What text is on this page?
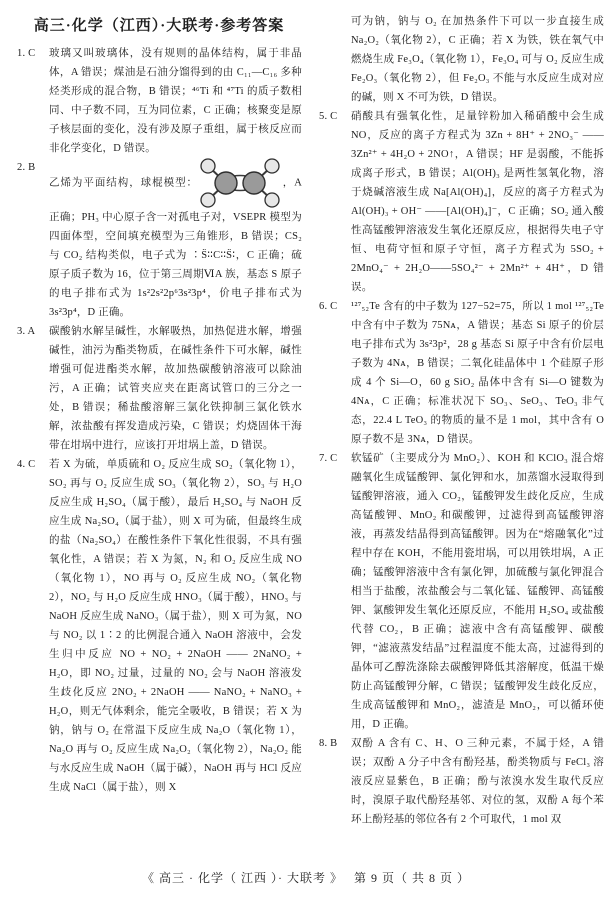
高三·化学（江西）·大联考·参考答案
1. C 玻璃又叫玻璃体，没有规则的晶体结构，属于非晶体，A 错误；煤油是石油分馏得到的由 C₁₁—C₁₆ 多种烃类形成的混合物，B 错误；⁴⁶Ti 和 ⁴⁷Ti 的质子数相同、中子数不同，互为同位素，C 正确；核聚变是原子核层面的变化，没有涉及原子重组，属于核反应而非化学变化，D 错误。
2. B
乙烯为平面结构，球棍模型：	，A 正确；PH₃ 中心原子含一对孤电子对，VSEPR 模型为四面体型，空间填充模型为三角锥形，B 错误；CS₂ 与 CO₂ 结构类似，电子式为 ∶S̈∶∶C∶∶S̈∶，C 正确；硫原子质子数为 16，位于第三周期ⅥA 族，基态 S 原子的电子排布式为 1s²2s²2p⁶3s²3p⁴，价电子排布式为 3s²3p⁴，D 正确。
3. A 碳酸钠水解呈碱性，水解吸热，加热促进水解，增强碱性，油污为酯类物质，在碱性条件下可水解，碱性增强可促进酯类水解，故加热碳酸钠溶液可以除油污，A 正确；试管夹应夹在距离试管口的三分之一处，B 错误；稀盐酸溶解三氯化铁抑制三氯化铁水解，浓盐酸有挥发造成污染，C 错误；灼烧固体干海带在坩埚中进行，应该打开坩埚上盖，D 错误。
4. C 若 X 为硫，单质硫和 O₂ 反应生成 SO₂（氧化物 1），SO₂ 再与 O₂ 反应生成 SO₃（氧化物 2），SO₃ 与 H₂O 反应生成 H₂SO₄（属于酸），最后 H₂SO₄ 与 NaOH 反应生成 Na₂SO₄（属于盐），则 X 可为硫，但最终生成的盐（Na₂SO₄）在酸性条件下氧化性很弱，不具有强氧化性，A 错误；若 X 为氮，N₂ 和 O₂ 反应生成 NO（氧化物 1），NO 再与 O₂ 反应生成 NO₂（氧化物 2），NO₂ 与 H₂O 反应生成 HNO₃（属于酸），HNO₃ 与 NaOH 反应生成 NaNO₃（属于盐），则 X 可为氮，NO 与 NO₂ 以 1∶2 的比例混合通入 NaOH 溶液中，会发生归中反应 NO + NO₂ + 2NaOH —— 2NaNO₂ + H₂O，即 NO₂ 过量，过量的 NO₂ 会与 NaOH 溶液发生歧化反应 2NO₂ + 2NaOH —— NaNO₂ + NaNO₃ + H₂O，则无气体剩余，能完全吸收，B 错误；若 X 为钠，钠与 O₂ 在常温下反应生成 Na₂O（氧化物 1），Na₂O 再与 O₂ 反应生成 Na₂O₂（氧化物 2），Na₂O₂ 能与水反应生成 NaOH（属于碱），NaOH 再与 HCl 反应生成 NaCl（属于盐），则 X
可为钠，钠与 O₂ 在加热条件下可以一步直接生成 Na₂O₂（氧化物 2），C 正确；若 X 为铁，铁在氧气中燃烧生成 Fe₃O₄（氧化物 1），Fe₃O₄ 可与 O₂ 反应生成 Fe₂O₃（氧化物 2），但 Fe₂O₃ 不能与水反应生成对应的碱，则 X 不可为铁，D 错误。
5. C 硝酸具有强氧化性，足量锌粉加入稀硝酸中会生成 NO，反应的离子方程式为 3Zn + 8H⁺ + 2NO₃⁻ ——3Zn²⁺ + 4H₂O + 2NO↑，A 错误；HF 是弱酸，不能拆成离子形式，B 错误；Al(OH)₃ 是两性氢氧化物，溶于烧碱溶液生成 Na[Al(OH)₄]，反应的离子方程式为 Al(OH)₃ + OH⁻ ——[Al(OH)₄]⁻，C 正确；SO₂ 通入酸性高锰酸钾溶液发生氧化还原反应，根据得失电子守恒、电荷守恒和原子守恒，离子方程式为 5SO₂ + 2MnO₄⁻ + 2H₂O——5SO₄²⁻ + 2Mn²⁺ + 4H⁺，D 错误。
6. C ¹²⁷₅₂Te 含有的中子数为 127−52=75，所以 1 mol ¹²⁷₅₂Te 中含有中子数为 75Nᴀ，A 错误；基态 Si 原子的价层电子排布式为 3s²3p²，28 g 基态 Si 原子中含有价层电子数为 4Nᴀ，B 错误；二氧化硅晶体中 1 个硅原子形成 4 个 Si—O，60 g SiO₂ 晶体中含有 Si—O 键数为 4Nᴀ，C 正确；标准状况下 SO₃、SeO₃、TeO₃ 非气态，22.4 L TeO₃ 的物质的量不是 1 mol，其中含有 O 原子数不是 3Nᴀ，D 错误。
7. C 软锰矿（主要成分为 MnO₂）、KOH 和 KClO₃ 混合熔融氧化生成锰酸钾、氯化钾和水，加蒸馏水浸取得到锰酸钾溶液，通入 CO₂，锰酸钾发生歧化反应，生成高锰酸钾、MnO₂ 和碳酸钾，过滤得到高锰酸钾溶液，再蒸发结晶得到高锰酸钾。因为在“熔融氧化”过程中存在 KOH，不能用瓷坩埚，可以用铁坩埚，A 正确；锰酸钾溶液中含有氯化钾，加硫酸与氯化钾混合相当于盐酸，浓盐酸会与二氧化锰、锰酸钾、高锰酸钾、氯酸钾发生氧化还原反应，不能用 H₂SO₄ 或盐酸代替 CO₂，B 正确；滤液中含有高锰酸钾、碳酸钾，“滤液蒸发结晶”过程温度不能太高，过滤得到的晶体可乙醇洗涤除去碳酸钾降低其溶解度，低温干燥防止高锰酸钾分解，C 错误；锰酸钾发生歧化反应，生成高锰酸钾和 MnO₂，滤渣是 MnO₂，可以循环使用，D 正确。
8. B 双酚 A 含有 C、H、O 三种元素，不属于烃，A 错误；双酚 A 分子中含有酚羟基，酚类物质与 FeCl₃ 溶液反应显紫色，B 正确；酚与浓溴水发生取代反应时，溴原子取代酚羟基邻、对位的氢，双酚 A 每个苯环上酚羟基的邻位各有 2 个可取代，1 mol 双
《 高三 · 化学（ 江西 ）· 大联考 》　 第 9 页（ 共 8 页 ）
